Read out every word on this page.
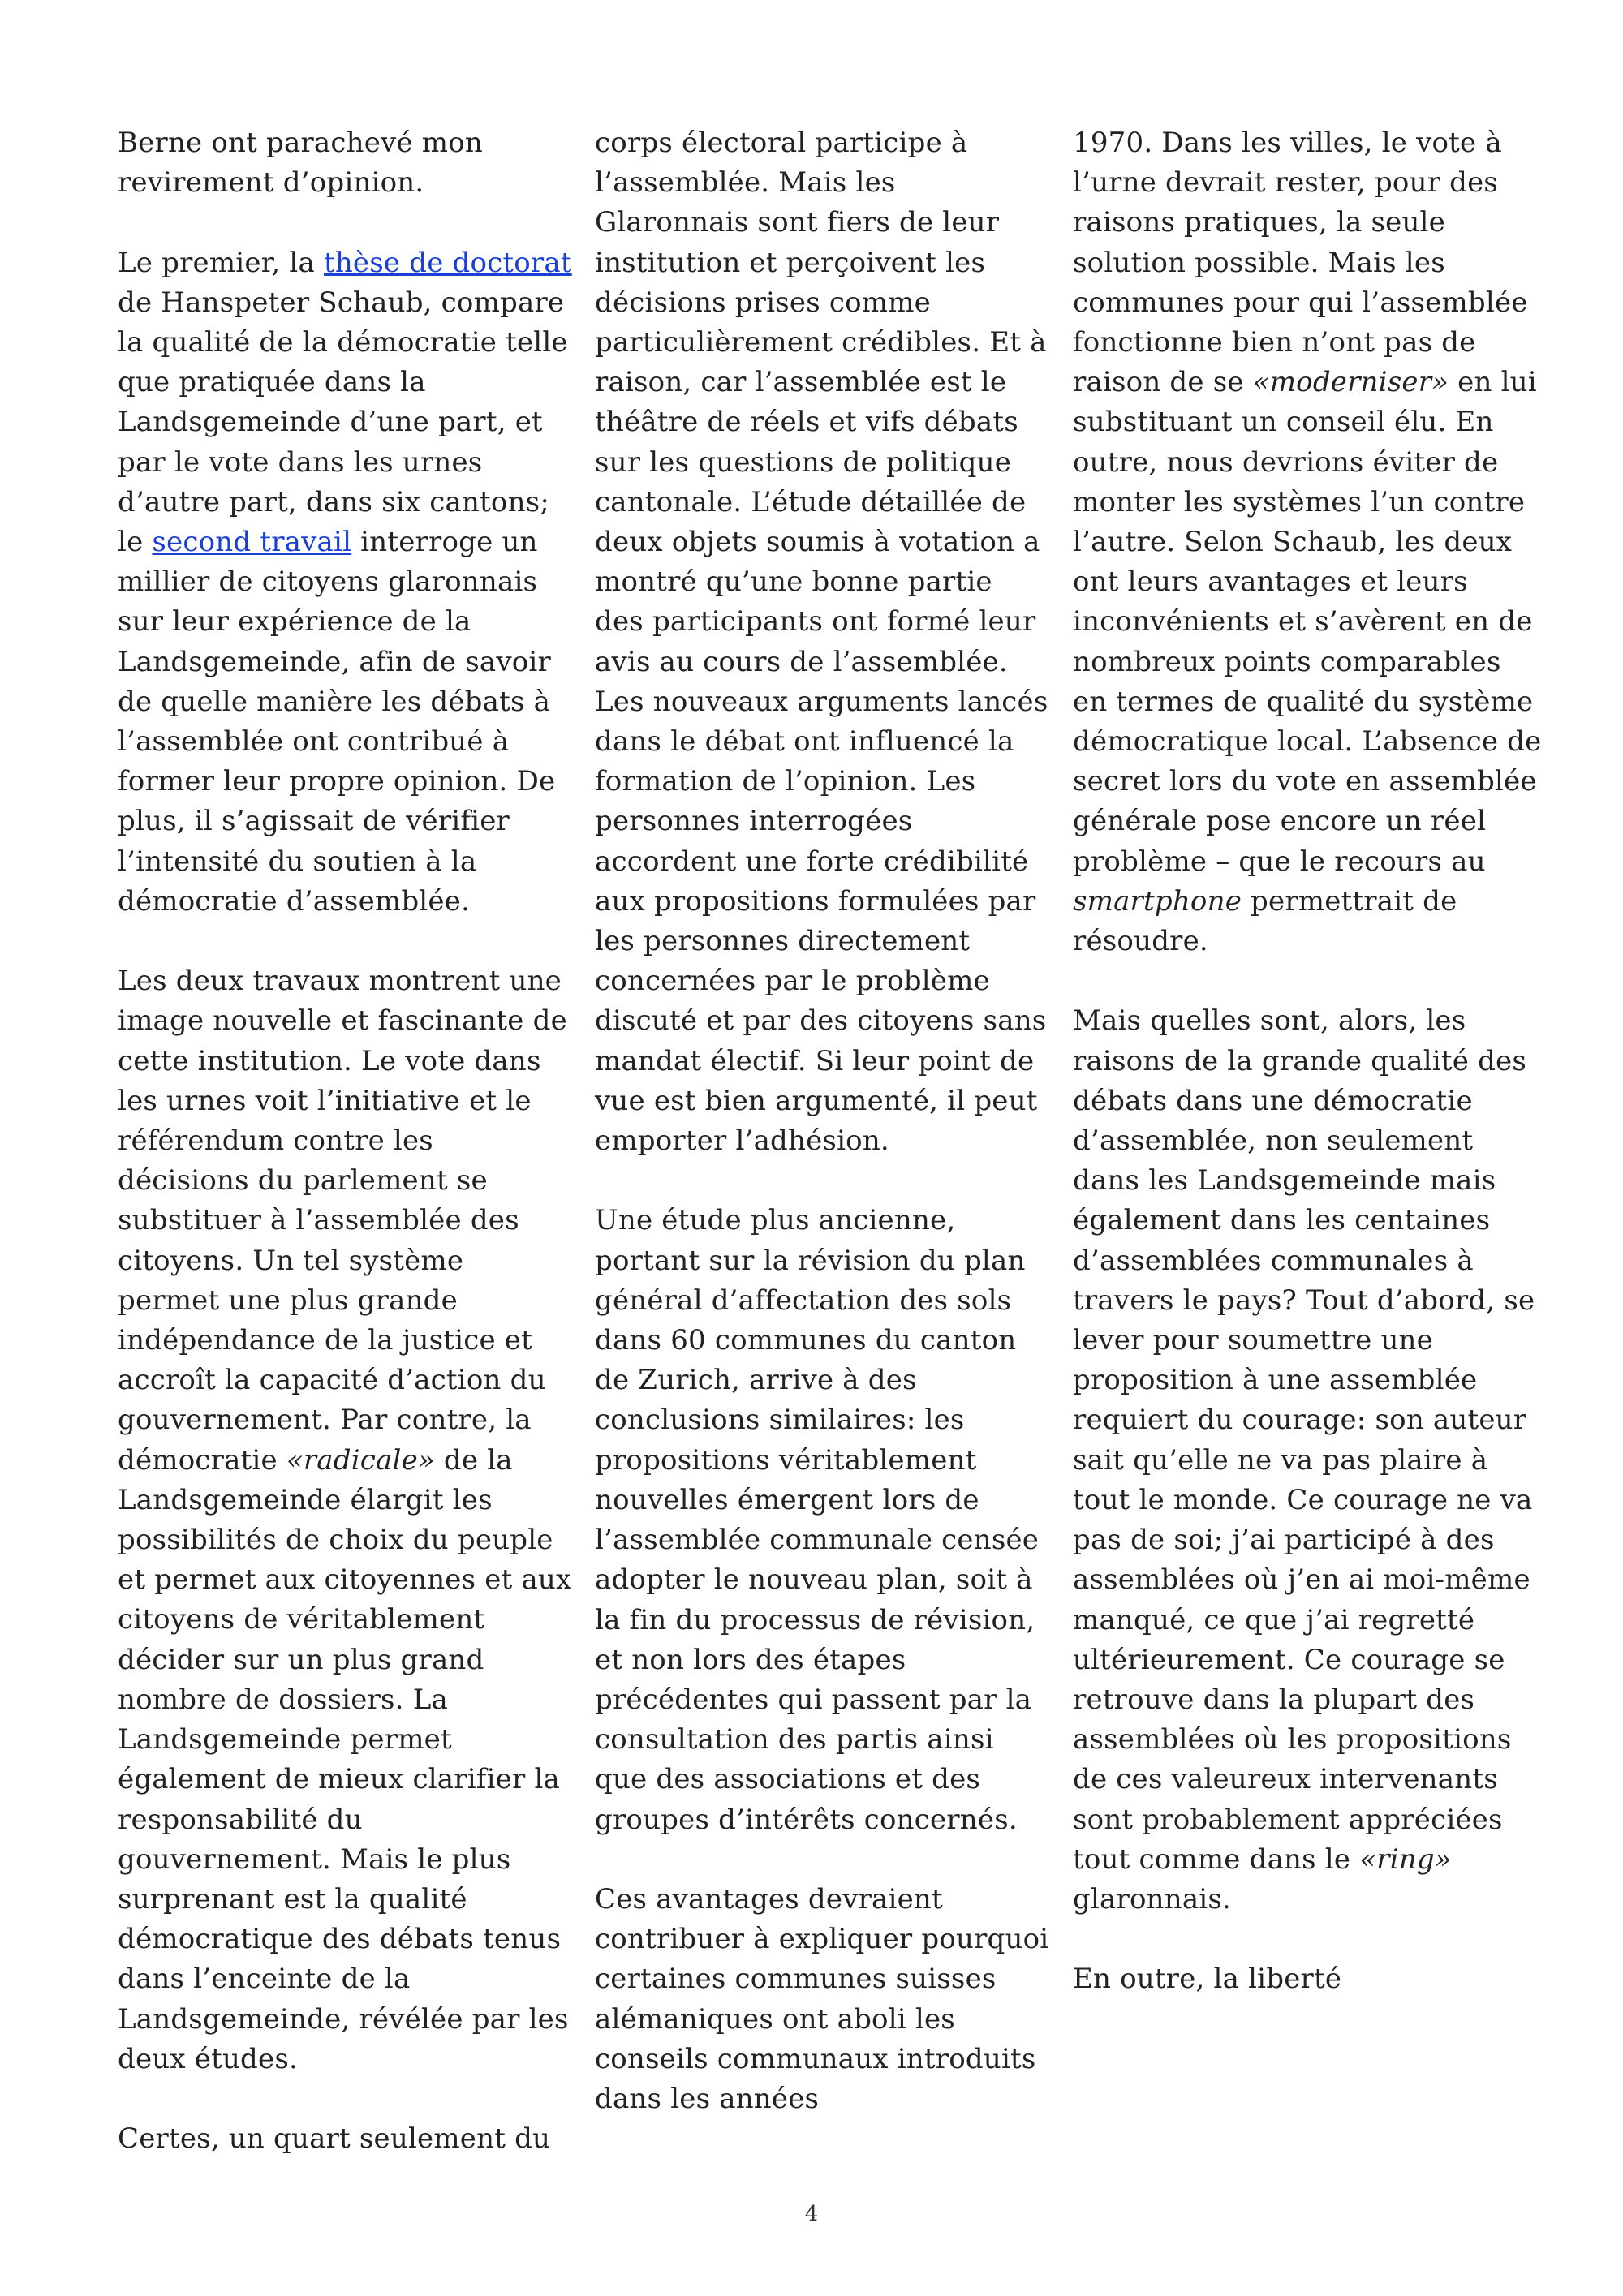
Berne ont parachevé mon revirement d’opinion.

Le premier, la thèse de doctorat de Hanspeter Schaub, compare la qualité de la démocratie telle que pratiquée dans la Landsgemeinde d’une part, et par le vote dans les urnes d’autre part, dans six cantons; le second travail interroge un millier de citoyens glaronnais sur leur expérience de la Landsgemeinde, afin de savoir de quelle manière les débats à l’assemblée ont contribué à former leur propre opinion. De plus, il s’agissait de vérifier l’intensité du soutien à la démocratie d’assemblée.

Les deux travaux montrent une image nouvelle et fascinante de cette institution. Le vote dans les urnes voit l’initiative et le référendum contre les décisions du parlement se substituer à l’assemblée des citoyens. Un tel système permet une plus grande indépendance de la justice et accroît la capacité d’action du gouvernement. Par contre, la démocratie «radicale» de la Landsgemeinde élargit les possibilités de choix du peuple et permet aux citoyennes et aux citoyens de véritablement décider sur un plus grand nombre de dossiers. La Landsgemeinde permet également de mieux clarifier la responsabilité du gouvernement. Mais le plus surprenant est la qualité démocratique des débats tenus dans l’enceinte de la Landsgemeinde, révélée par les deux études.

Certes, un quart seulement du

corps électoral participe à l’assemblée. Mais les Glaronnais sont fiers de leur institution et perçoivent les décisions prises comme particulièrement crédibles. Et à raison, car l’assemblée est le théâtre de réels et vifs débats sur les questions de politique cantonale. L’étude détaillée de deux objets soumis à votation a montré qu’une bonne partie des participants ont formé leur avis au cours de l’assemblée. Les nouveaux arguments lancés dans le débat ont influencé la formation de l’opinion. Les personnes interrogées accordent une forte crédibilité aux propositions formulées par les personnes directement concernées par le problème discuté et par des citoyens sans mandat électif. Si leur point de vue est bien argumenté, il peut emporter l’adhésion.

Une étude plus ancienne, portant sur la révision du plan général d’affectation des sols dans 60 communes du canton de Zurich, arrive à des conclusions similaires: les propositions véritablement nouvelles émergent lors de l’assemblée communale censée adopter le nouveau plan, soit à la fin du processus de révision, et non lors des étapes précédentes qui passent par la consultation des partis ainsi que des associations et des groupes d’intérêts concernés.

Ces avantages devraient contribuer à expliquer pourquoi certaines communes suisses alémaniques ont aboli les conseils communaux introduits dans les années

1970. Dans les villes, le vote à l’urne devrait rester, pour des raisons pratiques, la seule solution possible. Mais les communes pour qui l’assemblée fonctionne bien n’ont pas de raison de se «moderniser» en lui substituant un conseil élu. En outre, nous devrions éviter de monter les systèmes l’un contre l’autre. Selon Schaub, les deux ont leurs avantages et leurs inconvénients et s’avèrent en de nombreux points comparables en termes de qualité du système démocratique local. L’absence de secret lors du vote en assemblée générale pose encore un réel problème – que le recours au smartphone permettrait de résoudre.

Mais quelles sont, alors, les raisons de la grande qualité des débats dans une démocratie d’assemblée, non seulement dans les Landsgemeinde mais également dans les centaines d’assemblées communales à travers le pays? Tout d’abord, se lever pour soumettre une proposition à une assemblée requiert du courage: son auteur sait qu’elle ne va pas plaire à tout le monde. Ce courage ne va pas de soi; j’ai participé à des assemblées où j’en ai moi-même manqué, ce que j’ai regretté ultérieurement. Ce courage se retrouve dans la plupart des assemblées où les propositions de ces valeureux intervenants sont probablement appréciées tout comme dans le «ring» glaronnais.

En outre, la liberté

4
